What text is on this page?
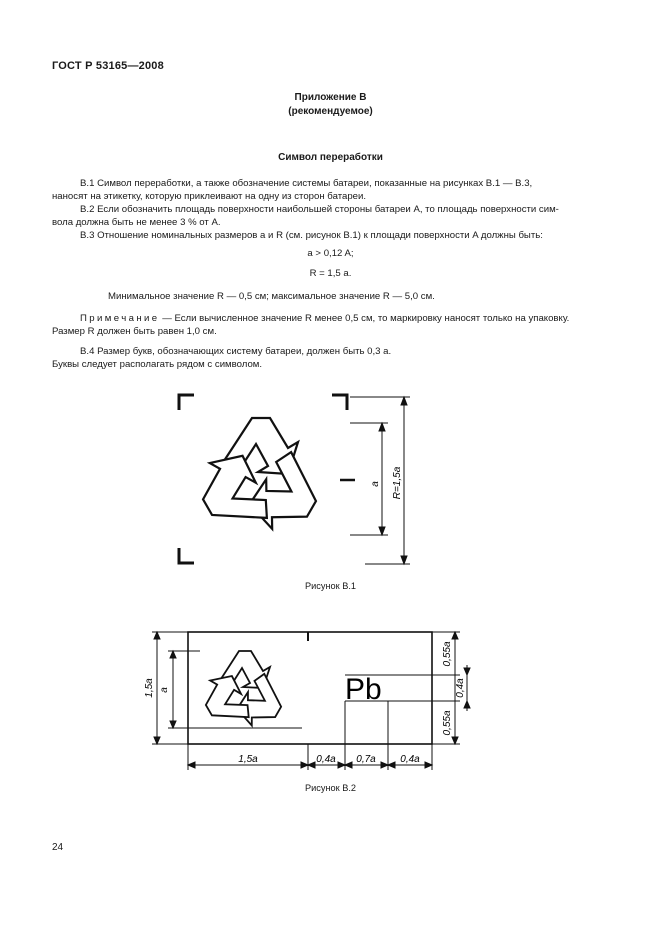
ГОСТ Р 53165—2008
Приложение В
(рекомендуемое)
Символ переработки
В.1 Символ переработки, а также обозначение системы батареи, показанные на рисунках В.1 — В.3,
наносят на этикетку, которую приклеивают на одну из сторон батареи.
В.2 Если обозначить площадь поверхности наибольшей стороны батареи A, то площадь поверхности сим-
вола должна быть не менее 3 % от A.
В.3 Отношение номинальных размеров a и R (см. рисунок В.1) к площади поверхности A должны быть:
a > 0,12 A;
R = 1,5 a.
Минимальное значение R — 0,5 см; максимальное значение R — 5,0 см.
Примечание — Если вычисленное значение R менее 0,5 см, то маркировку наносят только на упаковку.
Размер R должен быть равен 1,0 см.
В.4 Размер букв, обозначающих систему батареи, должен быть 0,3 a.
Буквы следует располагать рядом с символом.
a R=1,5a
Рисунок В.1
Pb
1,5a a
0,55a
0,4a
0,55a
1,5a	0,4a 0,7a 0,4a
Рисунок В.2
24
